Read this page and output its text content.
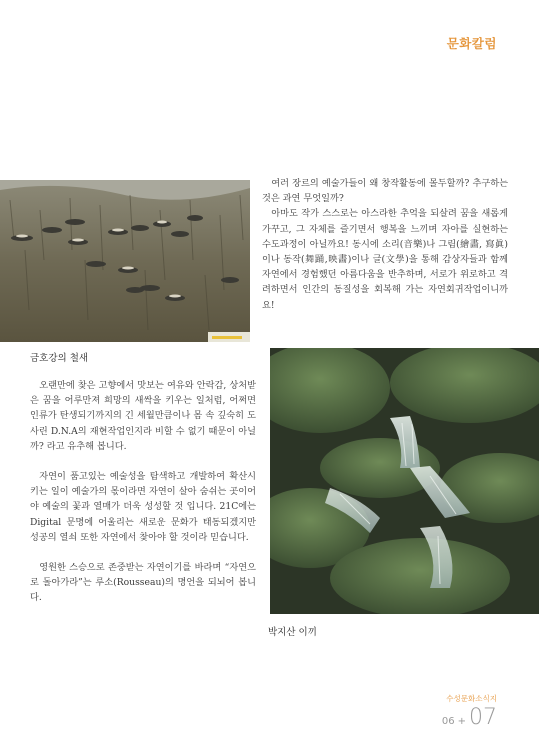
문화칼럼
금호강의 철새
박지산 이끼

여러 장르의 예술가들이 왜 창작활동에 몰두할까? 추구하는 것은 과연 무엇일까?

아마도 작가 스스로는 아스라한 추억을 되살려 꿈을 새롭게 가꾸고, 그 자체를 즐기면서 행복을 느끼며 자아를 실현하는 수도과정이 아닐까요! 동시에 소리(音樂)나 그림(繪畵, 寫眞)이나 동작(舞踊,映畵)이나 글(文學)을 통해 감상자들과 함께 자연에서 경험했던 아름다움을 반추하며, 서로가 위로하고 격려하면서 인간의 동질성을 회복해 가는 자연회귀작업이니까요!

오랜만에 찾은 고향에서 맛보는 여유와 안락감, 상처받은 꿈을 어루만져 희망의 새싹을 키우는 일처럼, 어쩌면 인류가 탄생되기까지의 긴 세월만큼이나 몸 속 깊숙히 도사린 D.N.A의 재현작업인지라 비할 수 없기 때문이 아닐까? 라고 유추해 봅니다.

자연이 품고있는 예술성을 탐색하고 개발하여 확산시키는 일이 예술가의 몫이라면 자연이 살아 숨쉬는 곳이어야 예술의 꽃과 열매가 더욱 성성할 것 입니다. 21C에는 Digital 문명에 어울리는 새로운 문화가 태동되겠지만 성공의 열쇠 또한 자연에서 찾아야 할 것이라 믿습니다.

영원한 스승으로 존중받는 자연이기를 바라며 “자연으로 돌아가라”는 루소(Rousseau)의 명언을 되뇌어 봅니다.

수성문화소식지
06 + 07
